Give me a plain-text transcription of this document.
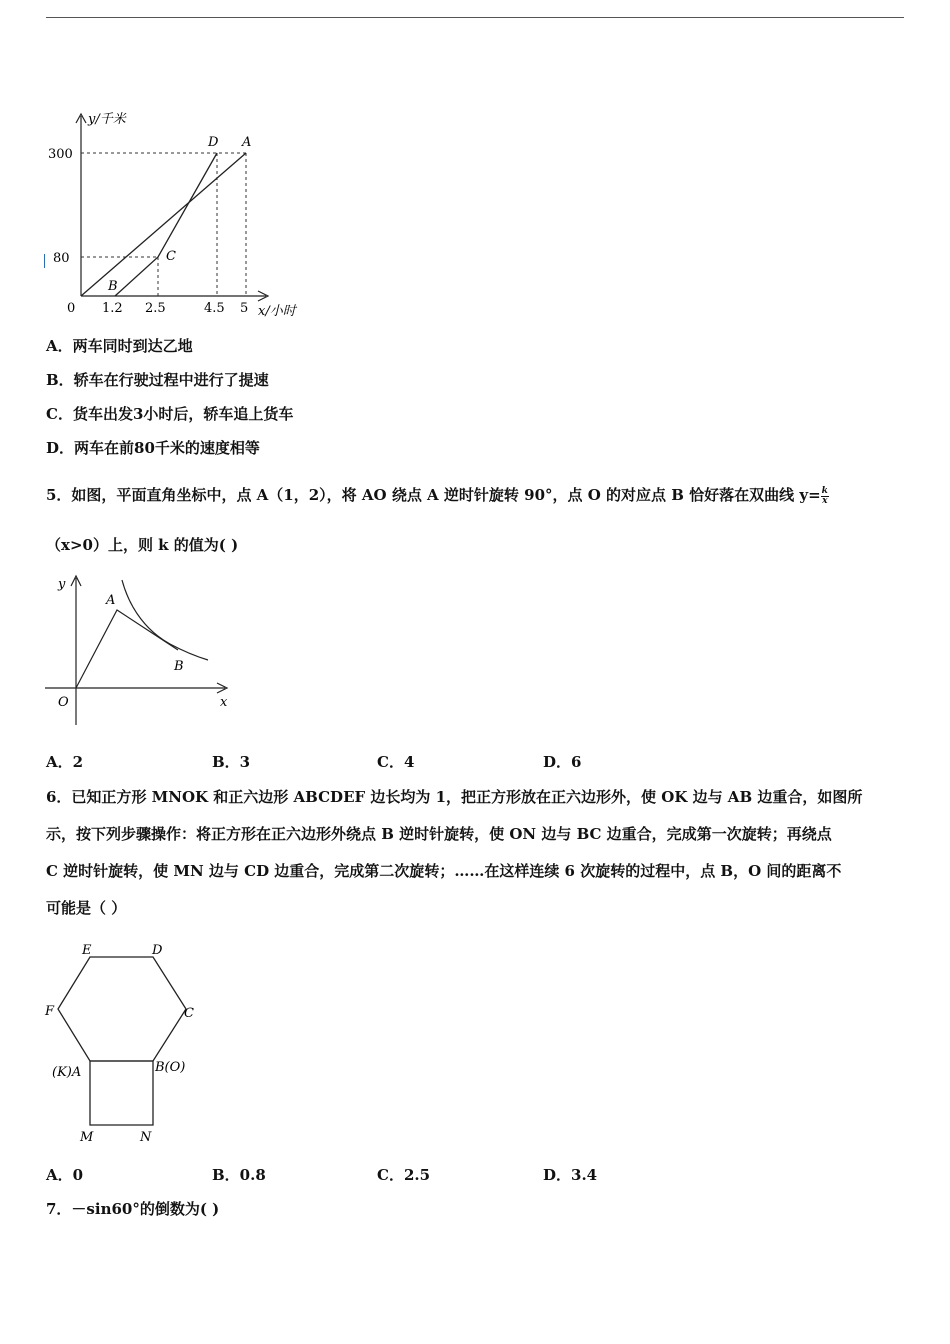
y/千米
x/小时
300
80
0 1.2 2.5	4.5 5
D A
C
B
A．两车同时到达乙地
B．轿车在行驶过程中进行了提速
C．货车出发3小时后，轿车追上货车
D．两车在前80千米的速度相等
5．如图，平面直角坐标中，点 A（1，2），将 AO 绕点 A 逆时针旋转 90°，点 O 的对应点 B 恰好落在双曲线 $y= \frac{k}{x}$
（x>0）上，则 k 的值为( )
y
A
B
O	x
A．2	B．3	C．4	D．6
6．已知正方形 MNOK 和正六边形 ABCDEF 边长均为 1，把正方形放在正六边形外，使 OK 边与 AB 边重合，如图所
示，按下列步骤操作：将正方形在正六边形外绕点 B 逆时针旋转，使 ON 边与 BC 边重合，完成第一次旋转；再绕点
C 逆时针旋转，使 MN 边与 CD 边重合，完成第二次旋转；……在这样连续 6 次旋转的过程中，点 B，O 间的距离不
可能是（ ）
E	D
F	C
(K)A	B(O)
M	N
A．0	B．0.8	C．2.5	D．3.4
7．－sin60°的倒数为( )
